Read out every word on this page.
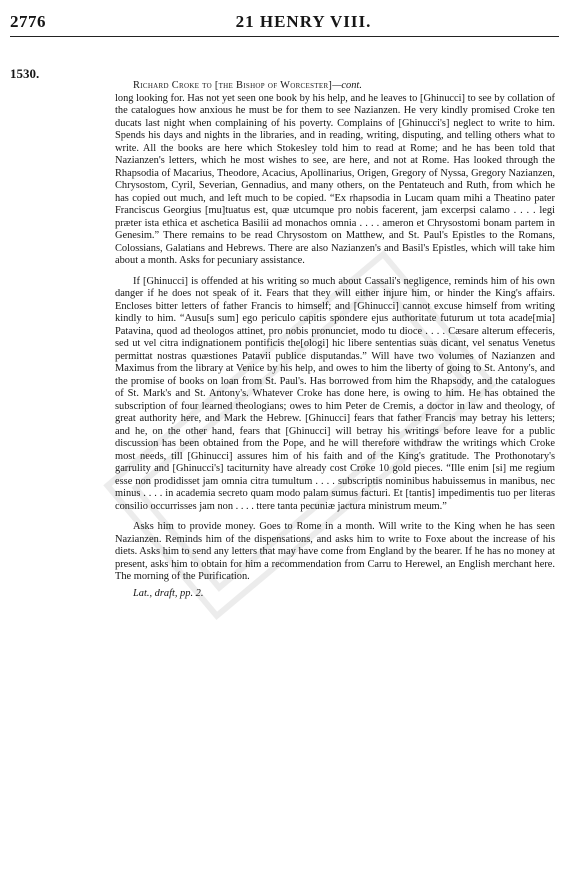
2776	21 HENRY VIII.
1530.

Richard Croke to [the Bishop of Worcester]—cont.

long looking for. Has not yet seen one book by his help, and he leaves to [Ghinucci] to see by collation of the catalogues how anxious he must be for them to see Nazianzen. He very kindly promised Croke ten ducats last night when complaining of his poverty. Complains of [Ghinucci's] neglect to write to him. Spends his days and nights in the libraries, and in reading, writing, disputing, and telling others what to write. All the books are here which Stokesley told him to read at Rome; and he has been told that Nazianzen's letters, which he most wishes to see, are here, and not at Rome. Has looked through the Rhapsodia of Macarius, Theodore, Acacius, Apollinarius, Origen, Gregory of Nyssa, Gregory Nazianzen, Chrysostom, Cyril, Severian, Gennadius, and many others, on the Pentateuch and Ruth, from which he has copied out much, and left much to be copied. “Ex rhapsodia in Lucam quam mihi a Theatino pater Franciscus Georgius [mu]tuatus est, quæ utcumque pro nobis facerent, jam excerpsi calamo . . . . legi præter ista ethica et aschetica Basilii ad monachos omnia . . . . ameron et Chrysostomi bonam partem in Genesim.” There remains to be read Chrysostom on Matthew, and St. Paul's Epistles to the Romans, Colossians, Galatians and Hebrews. There are also Nazianzen's and Basil's Epistles, which will take him about a month. Asks for pecuniary assistance.

If [Ghinucci] is offended at his writing so much about Cassali's negligence, reminds him of his own danger if he does not speak of it. Fears that they will either injure him, or hinder the King's affairs. Encloses bitter letters of father Francis to himself; and [Ghinucci] cannot excuse himself from writing kindly to him. “Ausu[s sum] ego periculo capitis spondere ejus authoritate futurum ut tota acade[mia] Patavina, quod ad theologos attinet, pro nobis pronunciet, modo tu dioce . . . . Cæsare alterum effeceris, sed ut vel citra indignationem pontificis the[ologi] hic libere sententias suas dicant, vel senatus Venetus permittat nostras quæstiones Patavii publice disputandas.” Will have two volumes of Nazianzen and Maximus from the library at Venice by his help, and owes to him the liberty of going to St. Antony's, and the promise of books on loan from St. Paul's. Has borrowed from him the Rhapsody, and the catalogues of St. Mark's and St. Antony's. Whatever Croke has done here, is owing to him. He has obtained the subscription of four learned theologians; owes to him Peter de Cremis, a doctor in law and theology, of great authority here, and Mark the Hebrew. [Ghinucci] fears that father Francis may betray his letters; and he, on the other hand, fears that [Ghinucci] will betray his writings before leave for a public discussion has been obtained from the Pope, and he will therefore withdraw the writings which Croke most needs, till [Ghinucci] assures him of his faith and of the King's gratitude. The Prothonotary's garrulity and [Ghinucci's] taciturnity have already cost Croke 10 gold pieces. “Ille enim [si] me regium esse non prodidisset jam omnia citra tumultum . . . . subscriptis nominibus habuissemus in manibus, nec minus . . . . in academia secreto quam modo palam sumus facturi. Et [tantis] impedimentis tuo per literas consilio occurrisses jam non . . . . ttere tanta pecuniæ jactura ministrum meum.”

Asks him to provide money. Goes to Rome in a month. Will write to the King when he has seen Nazianzen. Reminds him of the dispensations, and asks him to write to Foxe about the increase of his diets. Asks him to send any letters that may have come from England by the bearer. If he has no money at present, asks him to obtain for him a recommendation from Carru to Herewel, an English merchant here. The morning of the Purification.

Lat., draft, pp. 2.
